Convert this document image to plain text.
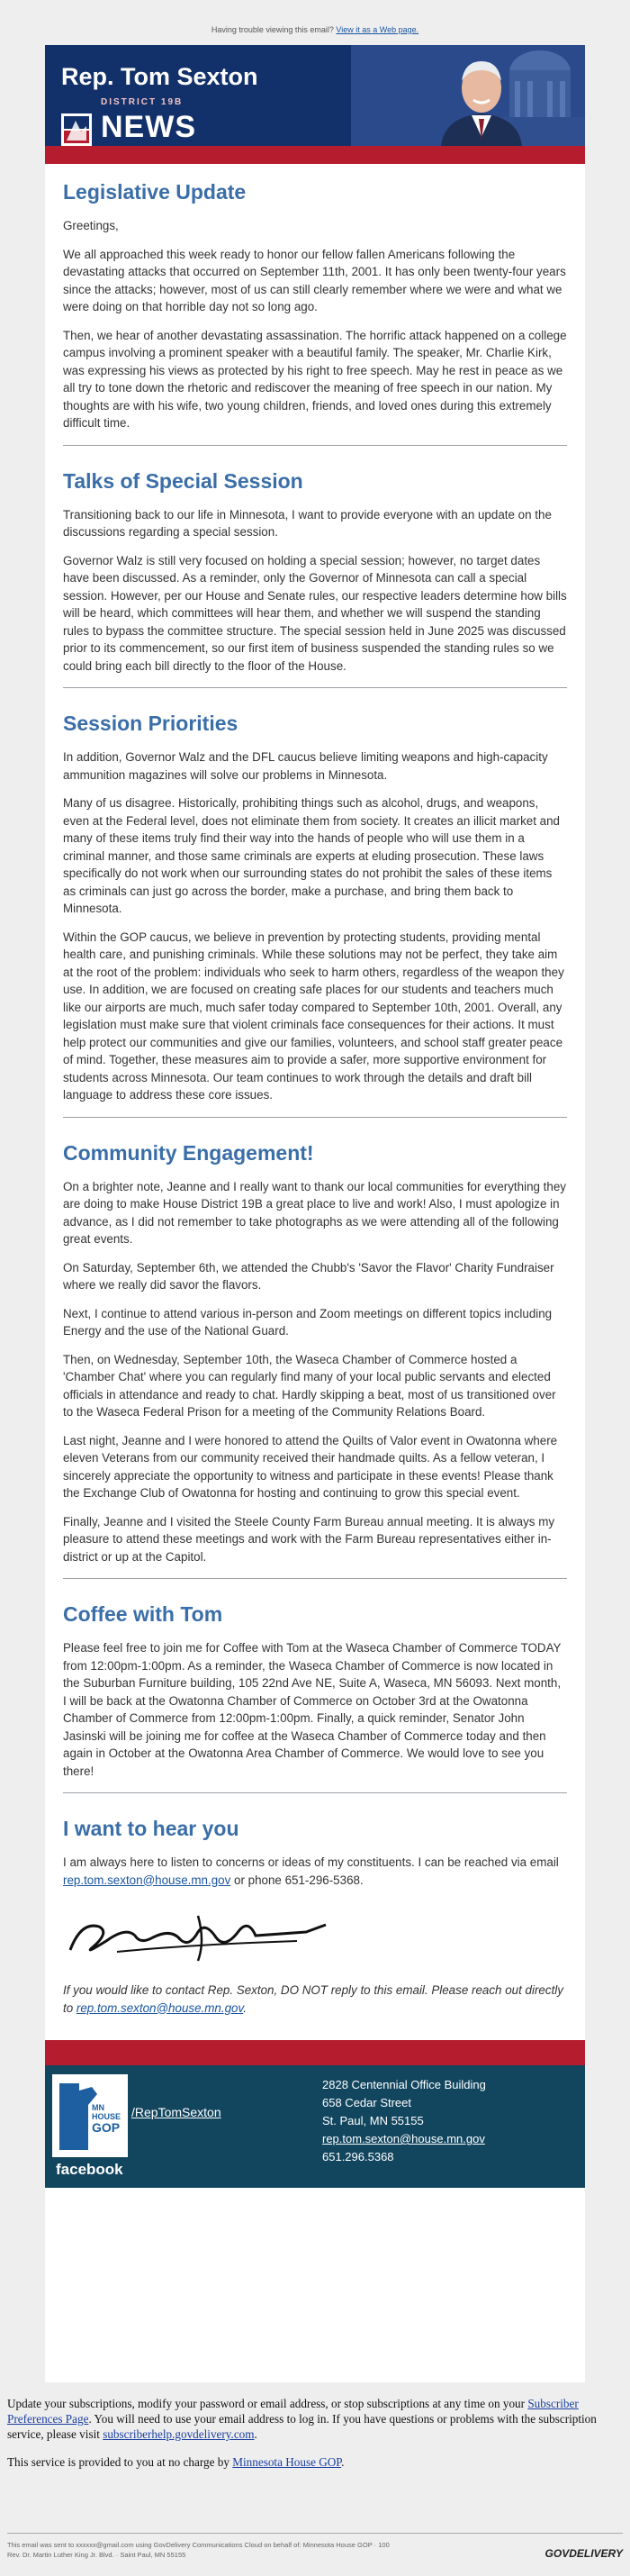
Having trouble viewing this email? View it as a Web page.
Rep. Tom Sexton
DISTRICT 19B
NEWS
Legislative Update

Greetings,

We all approached this week ready to honor our fellow fallen Americans following the devastating attacks that occurred on September 11th, 2001. It has only been twenty-four years since the attacks; however, most of us can still clearly remember where we were and what we were doing on that horrible day not so long ago.

Then, we hear of another devastating assassination. The horrific attack happened on a college campus involving a prominent speaker with a beautiful family. The speaker, Mr. Charlie Kirk, was expressing his views as protected by his right to free speech. May he rest in peace as we all try to tone down the rhetoric and rediscover the meaning of free speech in our nation. My thoughts are with his wife, two young children, friends, and loved ones during this extremely difficult time.

Talks of Special Session

Transitioning back to our life in Minnesota, I want to provide everyone with an update on the discussions regarding a special session.

Governor Walz is still very focused on holding a special session; however, no target dates have been discussed. As a reminder, only the Governor of Minnesota can call a special session. However, per our House and Senate rules, our respective leaders determine how bills will be heard, which committees will hear them, and whether we will suspend the standing rules to bypass the committee structure. The special session held in June 2025 was discussed prior to its commencement, so our first item of business suspended the standing rules so we could bring each bill directly to the floor of the House.

Session Priorities

In addition, Governor Walz and the DFL caucus believe limiting weapons and high-capacity ammunition magazines will solve our problems in Minnesota.

Many of us disagree. Historically, prohibiting things such as alcohol, drugs, and weapons, even at the Federal level, does not eliminate them from society. It creates an illicit market and many of these items truly find their way into the hands of people who will use them in a criminal manner, and those same criminals are experts at eluding prosecution. These laws specifically do not work when our surrounding states do not prohibit the sales of these items as criminals can just go across the border, make a purchase, and bring them back to Minnesota.

Within the GOP caucus, we believe in prevention by protecting students, providing mental health care, and punishing criminals. While these solutions may not be perfect, they take aim at the root of the problem: individuals who seek to harm others, regardless of the weapon they use. In addition, we are focused on creating safe places for our students and teachers much like our airports are much, much safer today compared to September 10th, 2001. Overall, any legislation must make sure that violent criminals face consequences for their actions. It must help protect our communities and give our families, volunteers, and school staff greater peace of mind. Together, these measures aim to provide a safer, more supportive environment for students across Minnesota. Our team continues to work through the details and draft bill language to address these core issues.

Community Engagement!

On a brighter note, Jeanne and I really want to thank our local communities for everything they are doing to make House District 19B a great place to live and work! Also, I must apologize in advance, as I did not remember to take photographs as we were attending all of the following great events.

On Saturday, September 6th, we attended the Chubb's 'Savor the Flavor' Charity Fundraiser where we really did savor the flavors.

Next, I continue to attend various in-person and Zoom meetings on different topics including Energy and the use of the National Guard.

Then, on Wednesday, September 10th, the Waseca Chamber of Commerce hosted a 'Chamber Chat' where you can regularly find many of your local public servants and elected officials in attendance and ready to chat. Hardly skipping a beat, most of us transitioned over to the Waseca Federal Prison for a meeting of the Community Relations Board.

Last night, Jeanne and I were honored to attend the Quilts of Valor event in Owatonna where eleven Veterans from our community received their handmade quilts. As a fellow veteran, I sincerely appreciate the opportunity to witness and participate in these events! Please thank the Exchange Club of Owatonna for hosting and continuing to grow this special event.

Finally, Jeanne and I visited the Steele County Farm Bureau annual meeting. It is always my pleasure to attend these meetings and work with the Farm Bureau representatives either in-district or up at the Capitol.

Coffee with Tom

Please feel free to join me for Coffee with Tom at the Waseca Chamber of Commerce TODAY from 12:00pm-1:00pm. As a reminder, the Waseca Chamber of Commerce is now located in the Suburban Furniture building, 105 22nd Ave NE, Suite A, Waseca, MN 56093. Next month, I will be back at the Owatonna Chamber of Commerce on October 3rd at the Owatonna Chamber of Commerce from 12:00pm-1:00pm. Finally, a quick reminder, Senator John Jasinski will be joining me for coffee at the Waseca Chamber of Commerce today and then again in October at the Owatonna Area Chamber of Commerce. We would love to see you there!

I want to hear you

I am always here to listen to concerns or ideas of my constituents. I can be reached via email rep.tom.sexton@house.mn.gov or phone 651-296-5368.

If you would like to contact Rep. Sexton, DO NOT reply to this email. Please reach out directly to rep.tom.sexton@house.mn.gov.

MN
HOUSE
GOP
facebook
/RepTomSexton
2828 Centennial Office Building
658 Cedar Street
St. Paul, MN 55155
rep.tom.sexton@house.mn.gov
651.296.5368

Update your subscriptions, modify your password or email address, or stop subscriptions at any time on your Subscriber Preferences Page. You will need to use your email address to log in. If you have questions or problems with the subscription service, please visit subscriberhelp.govdelivery.com.

This service is provided to you at no charge by Minnesota House GOP.

This email was sent to xxxxxx@gmail.com using GovDelivery Communications Cloud on behalf of: Minnesota House GOP · 100
Rev. Dr. Martin Luther King Jr. Blvd. · Saint Paul, MN 55155	GOVDELIVERY
